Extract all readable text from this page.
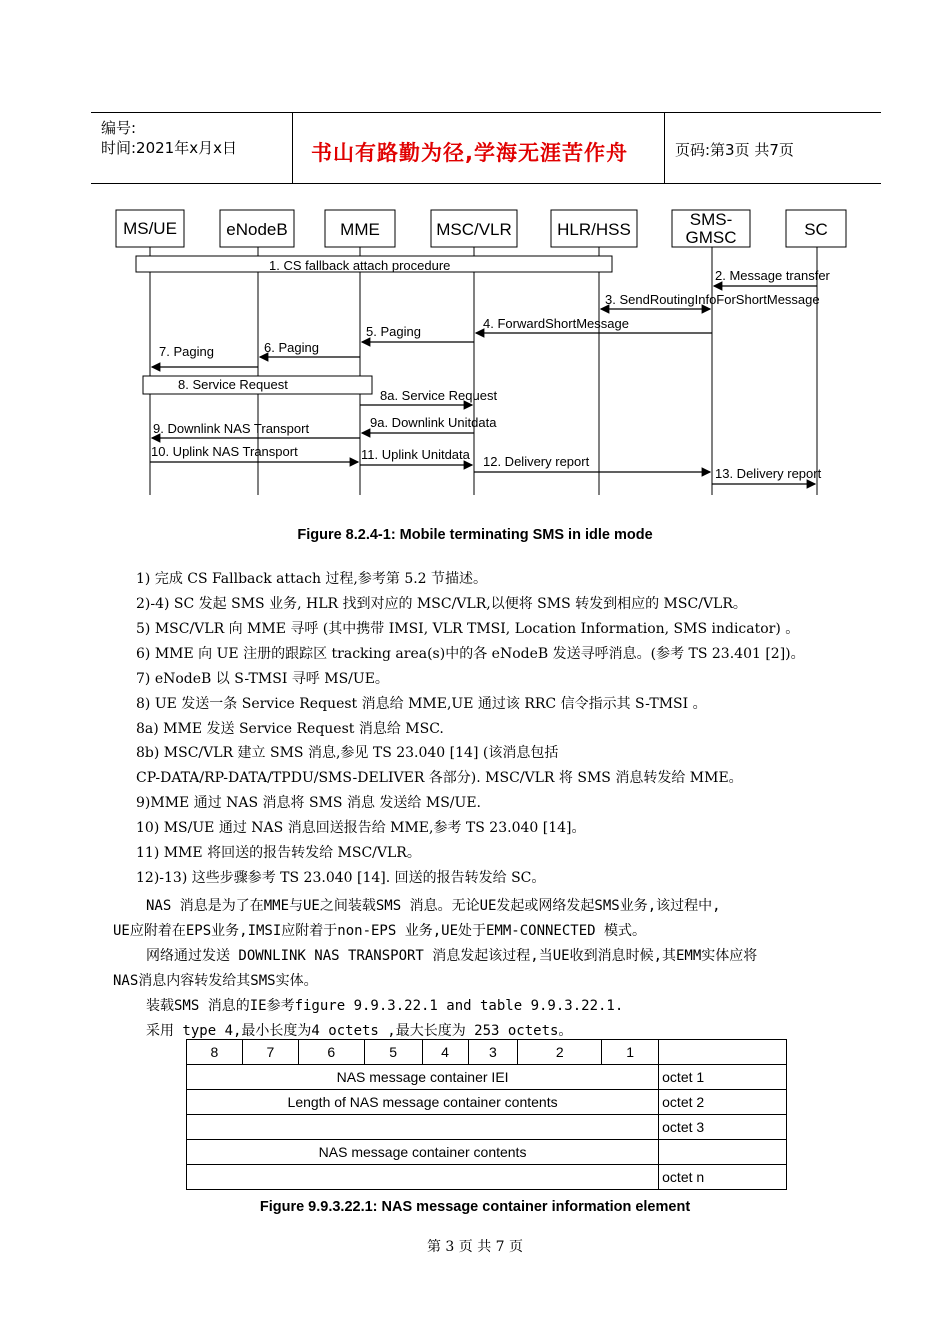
编号:
时间:2021年x月x日	书山有路勤为径,学海无涯苦作舟	页码:第3页 共7页
MS/UE	eNodeB	MME	MSC/VLR	HLR/HSS
SMS-
GMSC	SC
1. CS fallback attach procedure
2. Message transfer
3. SendRoutingInfoForShortMessage
4. ForwardShortMessage
5. Paging
6. Paging
7. Paging
8. Service Request
8a. Service Request
9a. Downlink Unitdata
9. Downlink NAS Transport
10. Uplink NAS Transport	11. Uplink Unitdata 12. Delivery report
13. Delivery report
Figure 8.2.4-1: Mobile terminating SMS in idle mode
1) 完成 CS Fallback attach 过程,参考第 5.2 节描述。
2)-4) SC 发起 SMS 业务, HLR 找到对应的 MSC/VLR,以便将 SMS 转发到相应的 MSC/VLR。
5) MSC/VLR 向 MME 寻呼 (其中携带 IMSI, VLR TMSI, Location Information, SMS indicator) 。
6) MME 向 UE 注册的跟踪区 tracking area(s)中的各 eNodeB 发送寻呼消息。(参考 TS 23.401 [2])。
7) eNodeB 以 S-TMSI 寻呼 MS/UE。
8) UE 发送一条 Service Request 消息给 MME,UE 通过该 RRC 信令指示其 S-TMSI 。
8a) MME 发送 Service Request 消息给 MSC.
8b) MSC/VLR 建立 SMS 消息,参见 TS 23.040 [14] (该消息包括
CP-DATA/RP-DATA/TPDU/SMS-DELIVER 各部分). MSC/VLR 将 SMS 消息转发给 MME。
9)MME 通过 NAS 消息将 SMS 消息 发送给 MS/UE.
10) MS/UE 通过 NAS 消息回送报告给 MME,参考 TS 23.040 [14]。
11) MME 将回送的报告转发给 MSC/VLR。
12)-13) 这些步骤参考 TS 23.040 [14]. 回送的报告转发给 SC。
NAS 消息是为了在MME与UE之间装载SMS 消息。无论UE发起或网络发起SMS业务,该过程中,
UE应附着在EPS业务,IMSI应附着于non-EPS 业务,UE处于EMM-CONNECTED 模式。
网络通过发送 DOWNLINK NAS TRANSPORT 消息发起该过程,当UE收到消息时候,其EMM实体应将
NAS消息内容转发给其SMS实体。
装载SMS 消息的IE参考figure 9.9.3.22.1 and table 9.9.3.22.1.
采用 type 4,最小长度为4 octets ,最大长度为 253 octets。
8	7	6	5	4	3	2	1	
NAS message container IEI								octet 1
Length of NAS message container contents								octet 2
								octet 3
NAS message container contents								
								octet n
Figure 9.9.3.22.1: NAS message container information element
第 3 页 共 7 页
